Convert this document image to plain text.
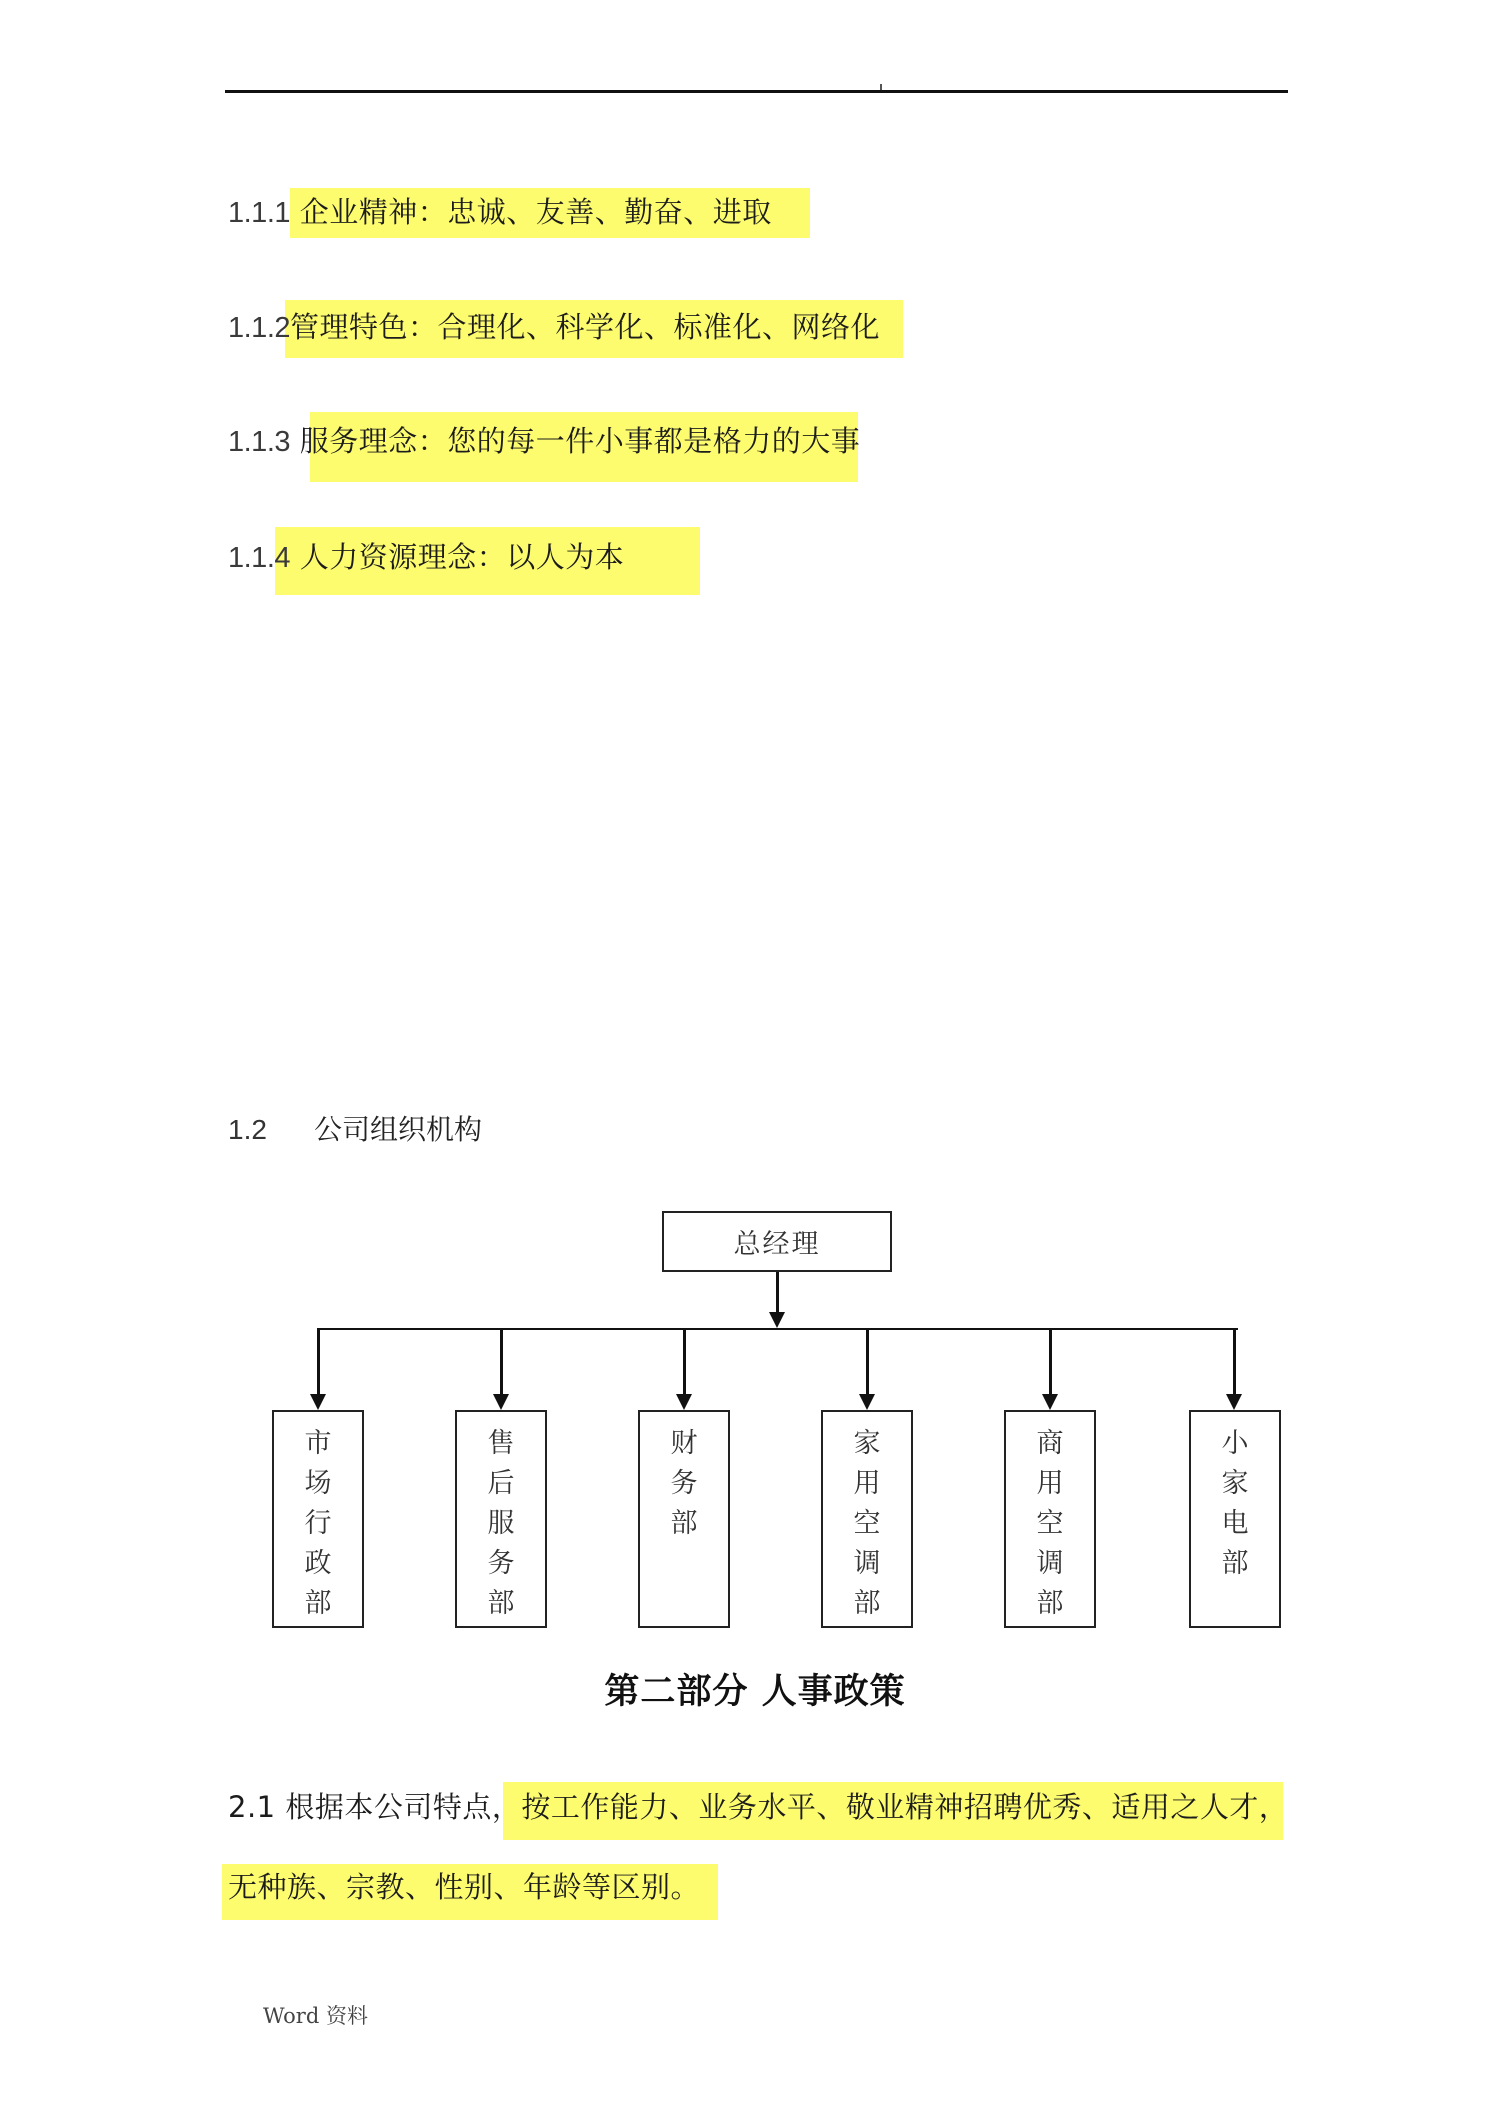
1.1.1 企业精神：忠诚、友善、勤奋、进取
1.1.2管理特色：合理化、科学化、标准化、网络化
1.1.3 服务理念：您的每一件小事都是格力的大事
1.1.4 人力资源理念：以人为本
1.2 公司组织机构
总经理
市
场
行
政
部
售
后
服
务
部
财
务
部
家
用
空
调
部
商
用
空
调
部
小
家
电
部
第二部分 人事政策
2.1 根据本公司特点，按工作能力、业务水平、敬业精神招聘优秀、适用之人才，
无种族、宗教、性别、年龄等区别。
Word 资料
